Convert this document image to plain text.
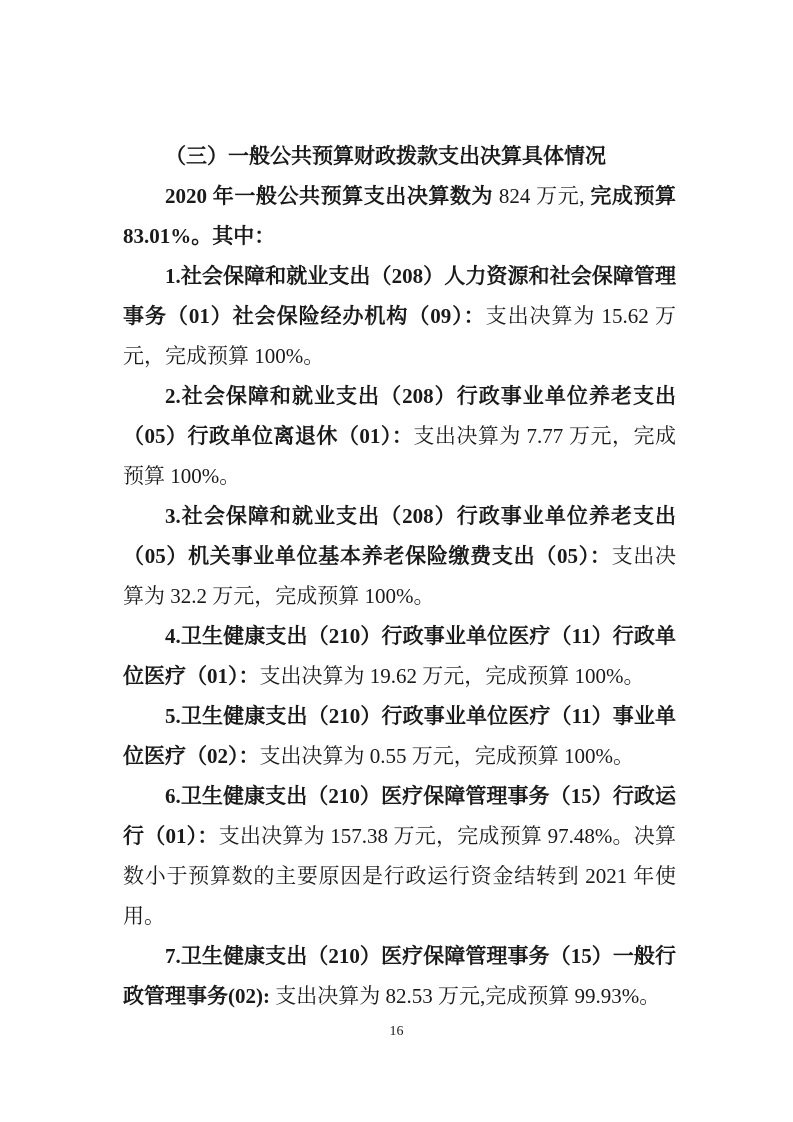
（三）一般公共预算财政拨款支出决算具体情况

2020 年一般公共预算支出决算数为 824 万元, 完成预算 83.01%。其中：

1.社会保障和就业支出（208）人力资源和社会保障管理事务（01）社会保险经办机构（09）：支出决算为 15.62 万元，完成预算 100%。

2.社会保障和就业支出（208）行政事业单位养老支出（05）行政单位离退休（01）：支出决算为 7.77 万元，完成预算 100%。

3.社会保障和就业支出（208）行政事业单位养老支出（05）机关事业单位基本养老保险缴费支出（05）：支出决算为 32.2 万元，完成预算 100%。

4.卫生健康支出（210）行政事业单位医疗（11）行政单位医疗（01）：支出决算为 19.62 万元，完成预算 100%。

5.卫生健康支出（210）行政事业单位医疗（11）事业单位医疗（02）：支出决算为 0.55 万元，完成预算 100%。

6.卫生健康支出（210）医疗保障管理事务（15）行政运行（01）：支出决算为 157.38 万元，完成预算 97.48%。决算数小于预算数的主要原因是行政运行资金结转到 2021 年使用。

7.卫生健康支出（210）医疗保障管理事务（15）一般行政管理事务(02): 支出决算为 82.53 万元,完成预算 99.93%。

16
